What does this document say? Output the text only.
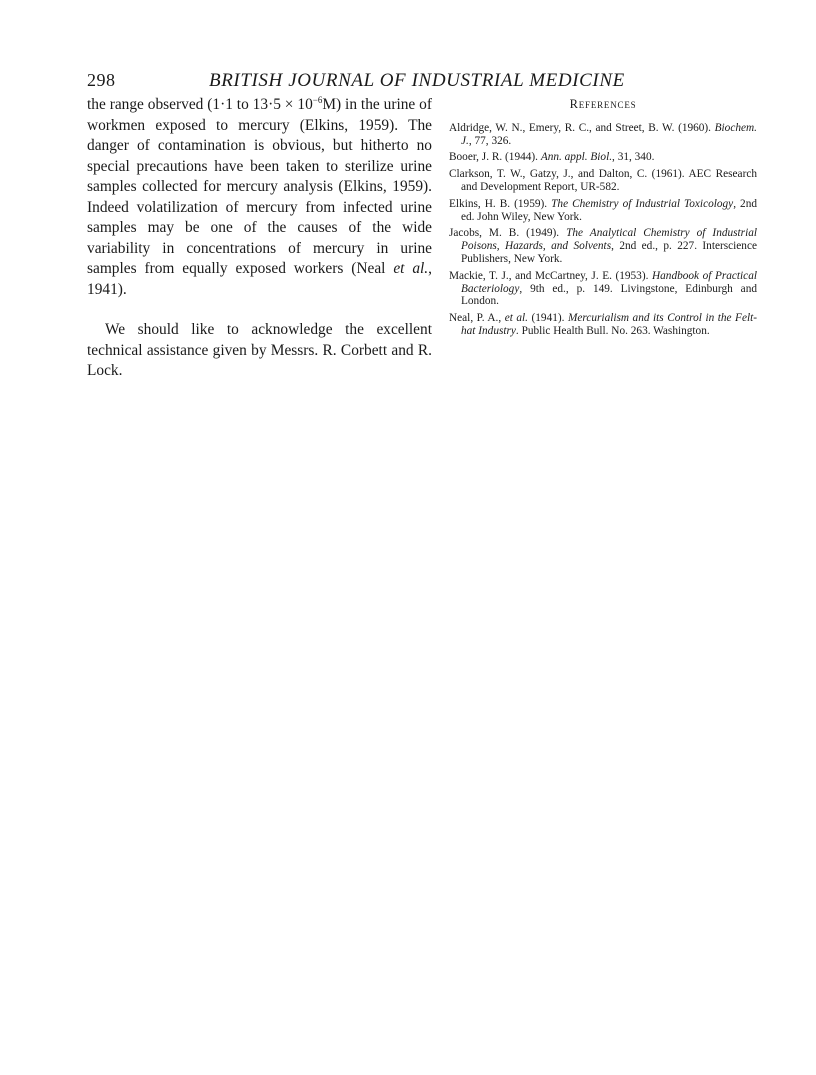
298	BRITISH JOURNAL OF INDUSTRIAL MEDICINE

the range observed (1·1 to $13\cdot 5 \times 10^{-6}M$) in the urine of workmen exposed to mercury (Elkins, 1959). The danger of contamination is obvious, but hitherto no special precautions have been taken to sterilize urine samples collected for mercury analysis (Elkins, 1959). Indeed volatilization of mercury from infected urine samples may be one of the causes of the wide variability in concentrations of mercury in urine samples from equally exposed workers (Neal et al., 1941).

We should like to acknowledge the excellent technical assistance given by Messrs. R. Corbett and R. Lock.

References
Aldridge, W. N., Emery, R. C., and Street, B. W. (1960). Biochem. J., 77, 326.
Booer, J. R. (1944). Ann. appl. Biol., 31, 340.
Clarkson, T. W., Gatzy, J., and Dalton, C. (1961). AEC Research and Development Report, UR-582.
Elkins, H. B. (1959). The Chemistry of Industrial Toxicology, 2nd ed. John Wiley, New York.
Jacobs, M. B. (1949). The Analytical Chemistry of Industrial Poisons, Hazards, and Solvents, 2nd ed., p. 227. Interscience Publishers, New York.
Mackie, T. J., and McCartney, J. E. (1953). Handbook of Practical Bacteriology, 9th ed., p. 149. Livingstone, Edinburgh and London.
Neal, P. A., et al. (1941). Mercurialism and its Control in the Felt-hat Industry. Public Health Bull. No. 263. Washington.
